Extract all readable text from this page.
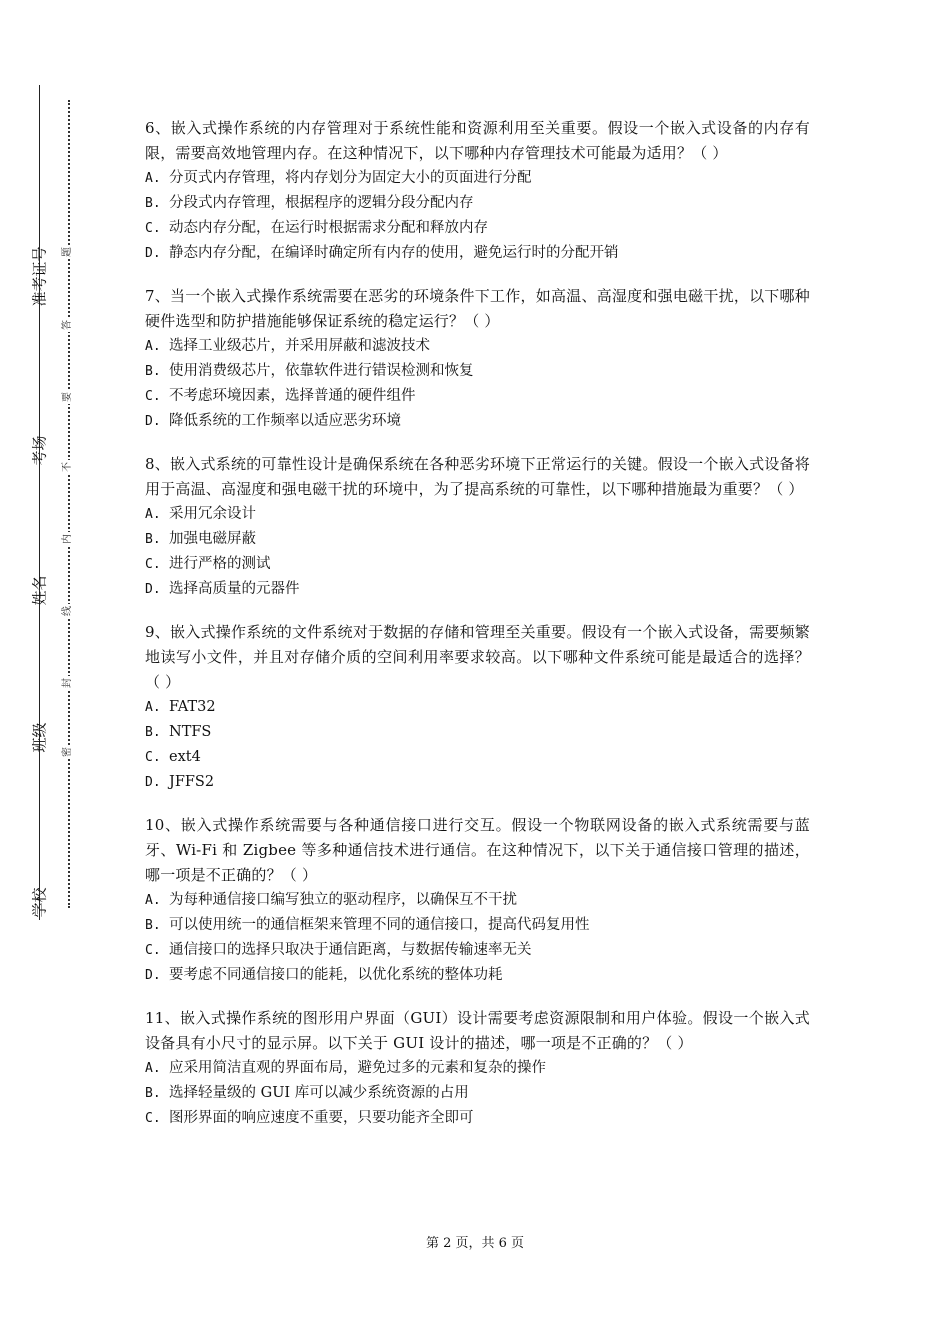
学校
班级
姓名
考场
准考证号
密
封
线
内
不
要
答
题
6、嵌入式操作系统的内存管理对于系统性能和资源利用至关重要。假设一个嵌入式设备的内存有限，需要高效地管理内存。在这种情况下，以下哪种内存管理技术可能最为适用？（ ）
A. 分页式内存管理，将内存划分为固定大小的页面进行分配
B. 分段式内存管理，根据程序的逻辑分段分配内存
C. 动态内存分配，在运行时根据需求分配和释放内存
D. 静态内存分配，在编译时确定所有内存的使用，避免运行时的分配开销
7、当一个嵌入式操作系统需要在恶劣的环境条件下工作，如高温、高湿度和强电磁干扰，以下哪种硬件选型和防护措施能够保证系统的稳定运行？（ ）
A. 选择工业级芯片，并采用屏蔽和滤波技术
B. 使用消费级芯片，依靠软件进行错误检测和恢复
C. 不考虑环境因素，选择普通的硬件组件
D. 降低系统的工作频率以适应恶劣环境
8、嵌入式系统的可靠性设计是确保系统在各种恶劣环境下正常运行的关键。假设一个嵌入式设备将用于高温、高湿度和强电磁干扰的环境中，为了提高系统的可靠性，以下哪种措施最为重要？（ ）
A. 采用冗余设计
B. 加强电磁屏蔽
C. 进行严格的测试
D. 选择高质量的元器件
9、嵌入式操作系统的文件系统对于数据的存储和管理至关重要。假设有一个嵌入式设备，需要频繁地读写小文件，并且对存储介质的空间利用率要求较高。以下哪种文件系统可能是最适合的选择？（ ）
A. FAT32
B. NTFS
C. ext4
D. JFFS2
10、嵌入式操作系统需要与各种通信接口进行交互。假设一个物联网设备的嵌入式系统需要与蓝牙、Wi-Fi 和 Zigbee 等多种通信技术进行通信。在这种情况下，以下关于通信接口管理的描述，哪一项是不正确的？（ ）
A. 为每种通信接口编写独立的驱动程序，以确保互不干扰
B. 可以使用统一的通信框架来管理不同的通信接口，提高代码复用性
C. 通信接口的选择只取决于通信距离，与数据传输速率无关
D. 要考虑不同通信接口的能耗，以优化系统的整体功耗
11、嵌入式操作系统的图形用户界面（GUI）设计需要考虑资源限制和用户体验。假设一个嵌入式设备具有小尺寸的显示屏。以下关于 GUI 设计的描述，哪一项是不正确的？（ ）
A. 应采用简洁直观的界面布局，避免过多的元素和复杂的操作
B. 选择轻量级的 GUI 库可以减少系统资源的占用
C. 图形界面的响应速度不重要，只要功能齐全即可
第 2 页，共 6 页
